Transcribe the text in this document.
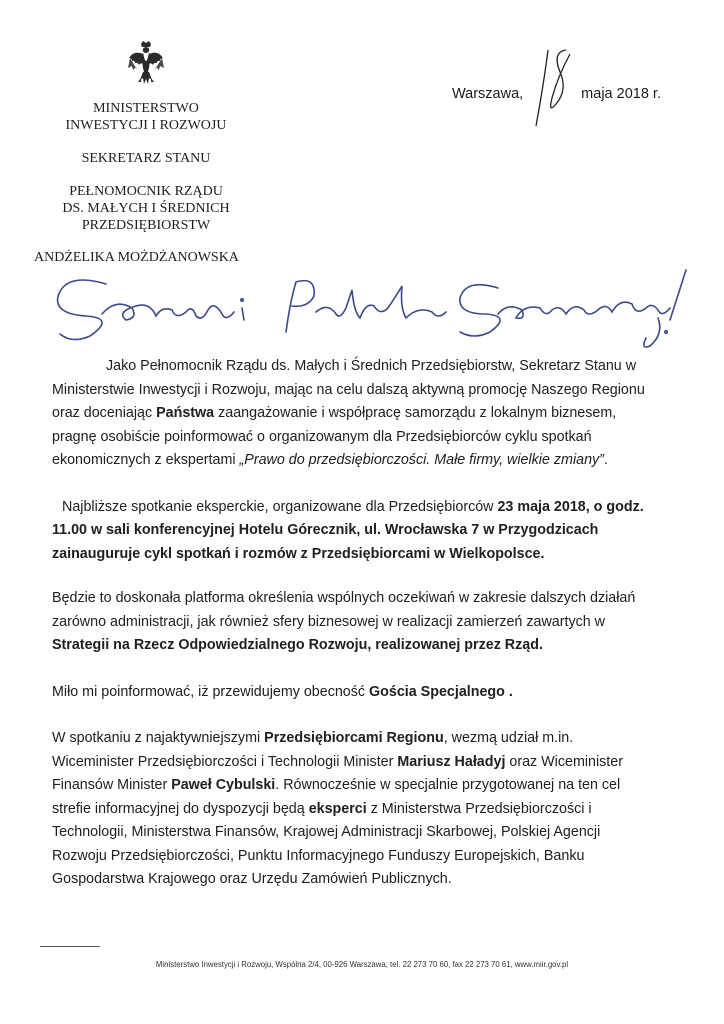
MINISTERSTWO
INWESTYCJI I ROZWOJU
SEKRETARZ STANU
PEŁNOMOCNIK RZĄDU
DS. MAŁYCH I ŚREDNICH
PRZEDSIĘBIORSTW
ANDŻELIKA MOŻDŻANOWSKA
Warszawa,	maja 2018 r.

Jako Pełnomocnik Rządu ds. Małych i Średnich Przedsiębiorstw, Sekretarz Stanu w
Ministerstwie Inwestycji i Rozwoju, mając na celu dalszą aktywną promocję Naszego Regionu
oraz doceniając Państwa zaangażowanie i współpracę samorządu z lokalnym biznesem,
pragnę osobiście poinformować o organizowanym dla Przedsiębiorców cyklu spotkań
ekonomicznych z ekspertami „Prawo do przedsiębiorczości. Małe firmy, wielkie zmiany”.

Najbliższe spotkanie eksperckie, organizowane dla Przedsiębiorców 23 maja 2018, o godz.
11.00 w sali konferencyjnej Hotelu Górecznik, ul. Wrocławska 7 w Przygodzicach
zainauguruje cykl spotkań i rozmów z Przedsiębiorcami w Wielkopolsce.

Będzie to doskonała platforma określenia wspólnych oczekiwań w zakresie dalszych działań
zarówno administracji, jak również sfery biznesowej w realizacji zamierzeń zawartych w
Strategii na Rzecz Odpowiedzialnego Rozwoju, realizowanej przez Rząd.

Miło mi poinformować, iż przewidujemy obecność Gościa Specjalnego .

W spotkaniu z najaktywniejszymi Przedsiębiorcami Regionu, wezmą udział m.in.
Wiceminister Przedsiębiorczości i Technologii Minister Mariusz Haładyj oraz Wiceminister
Finansów Minister Paweł Cybulski. Równocześnie w specjalnie przygotowanej na ten cel
strefie informacyjnej do dyspozycji będą eksperci z Ministerstwa Przedsiębiorczości i
Technologii, Ministerstwa Finansów, Krajowej Administracji Skarbowej, Polskiej Agencji
Rozwoju Przedsiębiorczości, Punktu Informacyjnego Funduszy Europejskich, Banku
Gospodarstwa Krajowego oraz Urzędu Zamówień Publicznych.

Ministerstwo Inwestycji i Rozwoju, Wspólna 2/4, 00-926 Warszawa; tel. 22 273 70 60, fax 22 273 70 61, www.miir.gov.pl
